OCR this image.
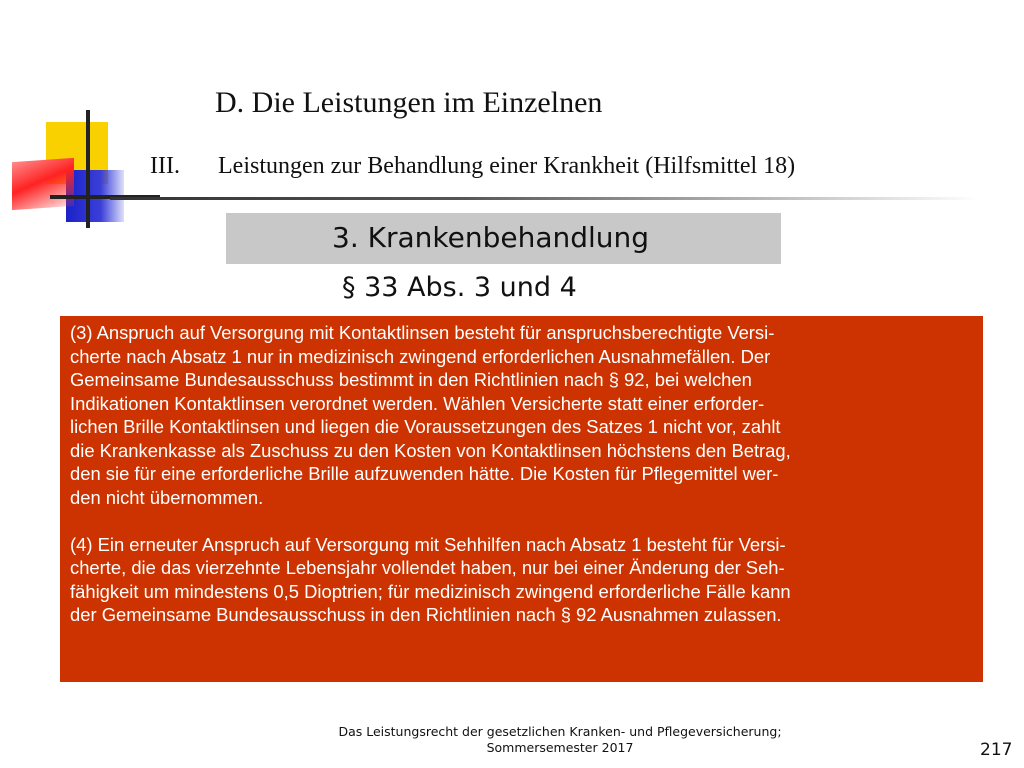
D. Die Leistungen im Einzelnen
III. Leistungen zur Behandlung einer Krankheit (Hilfsmittel 18)
3. Krankenbehandlung
§ 33 Abs. 3 und 4

(3) Anspruch auf Versorgung mit Kontaktlinsen besteht für anspruchsberechtigte Versi-
cherte nach Absatz 1 nur in medizinisch zwingend erforderlichen Ausnahmefällen. Der
Gemeinsame Bundesausschuss bestimmt in den Richtlinien nach § 92, bei welchen
Indikationen Kontaktlinsen verordnet werden. Wählen Versicherte statt einer erforder-
lichen Brille Kontaktlinsen und liegen die Voraussetzungen des Satzes 1 nicht vor, zahlt
die Krankenkasse als Zuschuss zu den Kosten von Kontaktlinsen höchstens den Betrag,
den sie für eine erforderliche Brille aufzuwenden hätte. Die Kosten für Pflegemittel wer-
den nicht übernommen.

(4) Ein erneuter Anspruch auf Versorgung mit Sehhilfen nach Absatz 1 besteht für Versi-
cherte, die das vierzehnte Lebensjahr vollendet haben, nur bei einer Änderung der Seh-
fähigkeit um mindestens 0,5 Dioptrien; für medizinisch zwingend erforderliche Fälle kann
der Gemeinsame Bundesausschuss in den Richtlinien nach § 92 Ausnahmen zulassen.

Das Leistungsrecht der gesetzlichen Kranken- und Pflegeversicherung;
Sommersemester 2017	217
